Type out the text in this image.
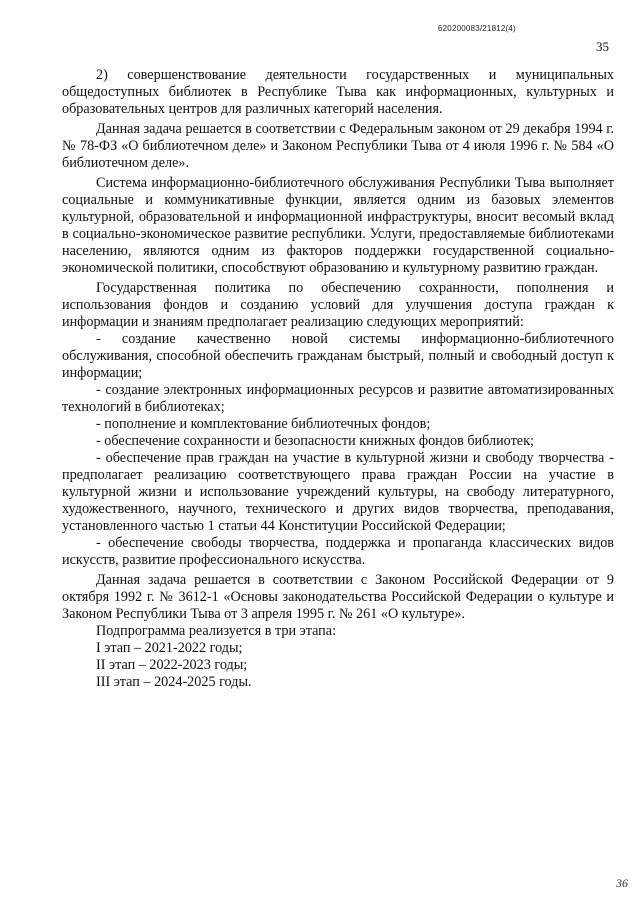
620200083/21812(4)
35

2) совершенствование деятельности государственных и муниципальных общедоступных библиотек в Республике Тыва как информационных, культурных и образовательных центров для различных категорий населения.

Данная задача решается в соответствии с Федеральным законом от 29 декабря 1994 г. № 78-ФЗ «О библиотечном деле» и Законом Республики Тыва от 4 июля 1996 г. № 584 «О библиотечном деле».

Система информационно-библиотечного обслуживания Республики Тыва выполняет социальные и коммуникативные функции, является одним из базовых элементов культурной, образовательной и информационной инфраструктуры, вносит весомый вклад в социально-экономическое развитие республики. Услуги, предоставляемые библиотеками населению, являются одним из факторов поддержки государственной социально-экономической политики, способствуют образованию и культурному развитию граждан.

Государственная политика по обеспечению сохранности, пополнения и использования фондов и созданию условий для улучшения доступа граждан к информации и знаниям предполагает реализацию следующих мероприятий:

- создание качественно новой системы информационно-библиотечного обслуживания, способной обеспечить гражданам быстрый, полный и свободный доступ к информации;

- создание электронных информационных ресурсов и развитие автоматизированных технологий в библиотеках;

- пополнение и комплектование библиотечных фондов;

- обеспечение сохранности и безопасности книжных фондов библиотек;

- обеспечение прав граждан на участие в культурной жизни и свободу творчества - предполагает реализацию соответствующего права граждан России на участие в культурной жизни и использование учреждений культуры, на свободу литературного, художественного, научного, технического и других видов творчества, преподавания, установленного частью 1 статьи 44 Конституции Российской Федерации;

- обеспечение свободы творчества, поддержка и пропаганда классических видов искусств, развитие профессионального искусства.

Данная задача решается в соответствии с Законом Российской Федерации от 9 октября 1992 г. № 3612-1 «Основы законодательства Российской Федерации о культуре и Законом Республики Тыва от 3 апреля 1995 г. № 261 «О культуре».

Подпрограмма реализуется в три этапа:

I этап – 2021-2022 годы;

II этап – 2022-2023 годы;

III этап – 2024-2025 годы.

36
